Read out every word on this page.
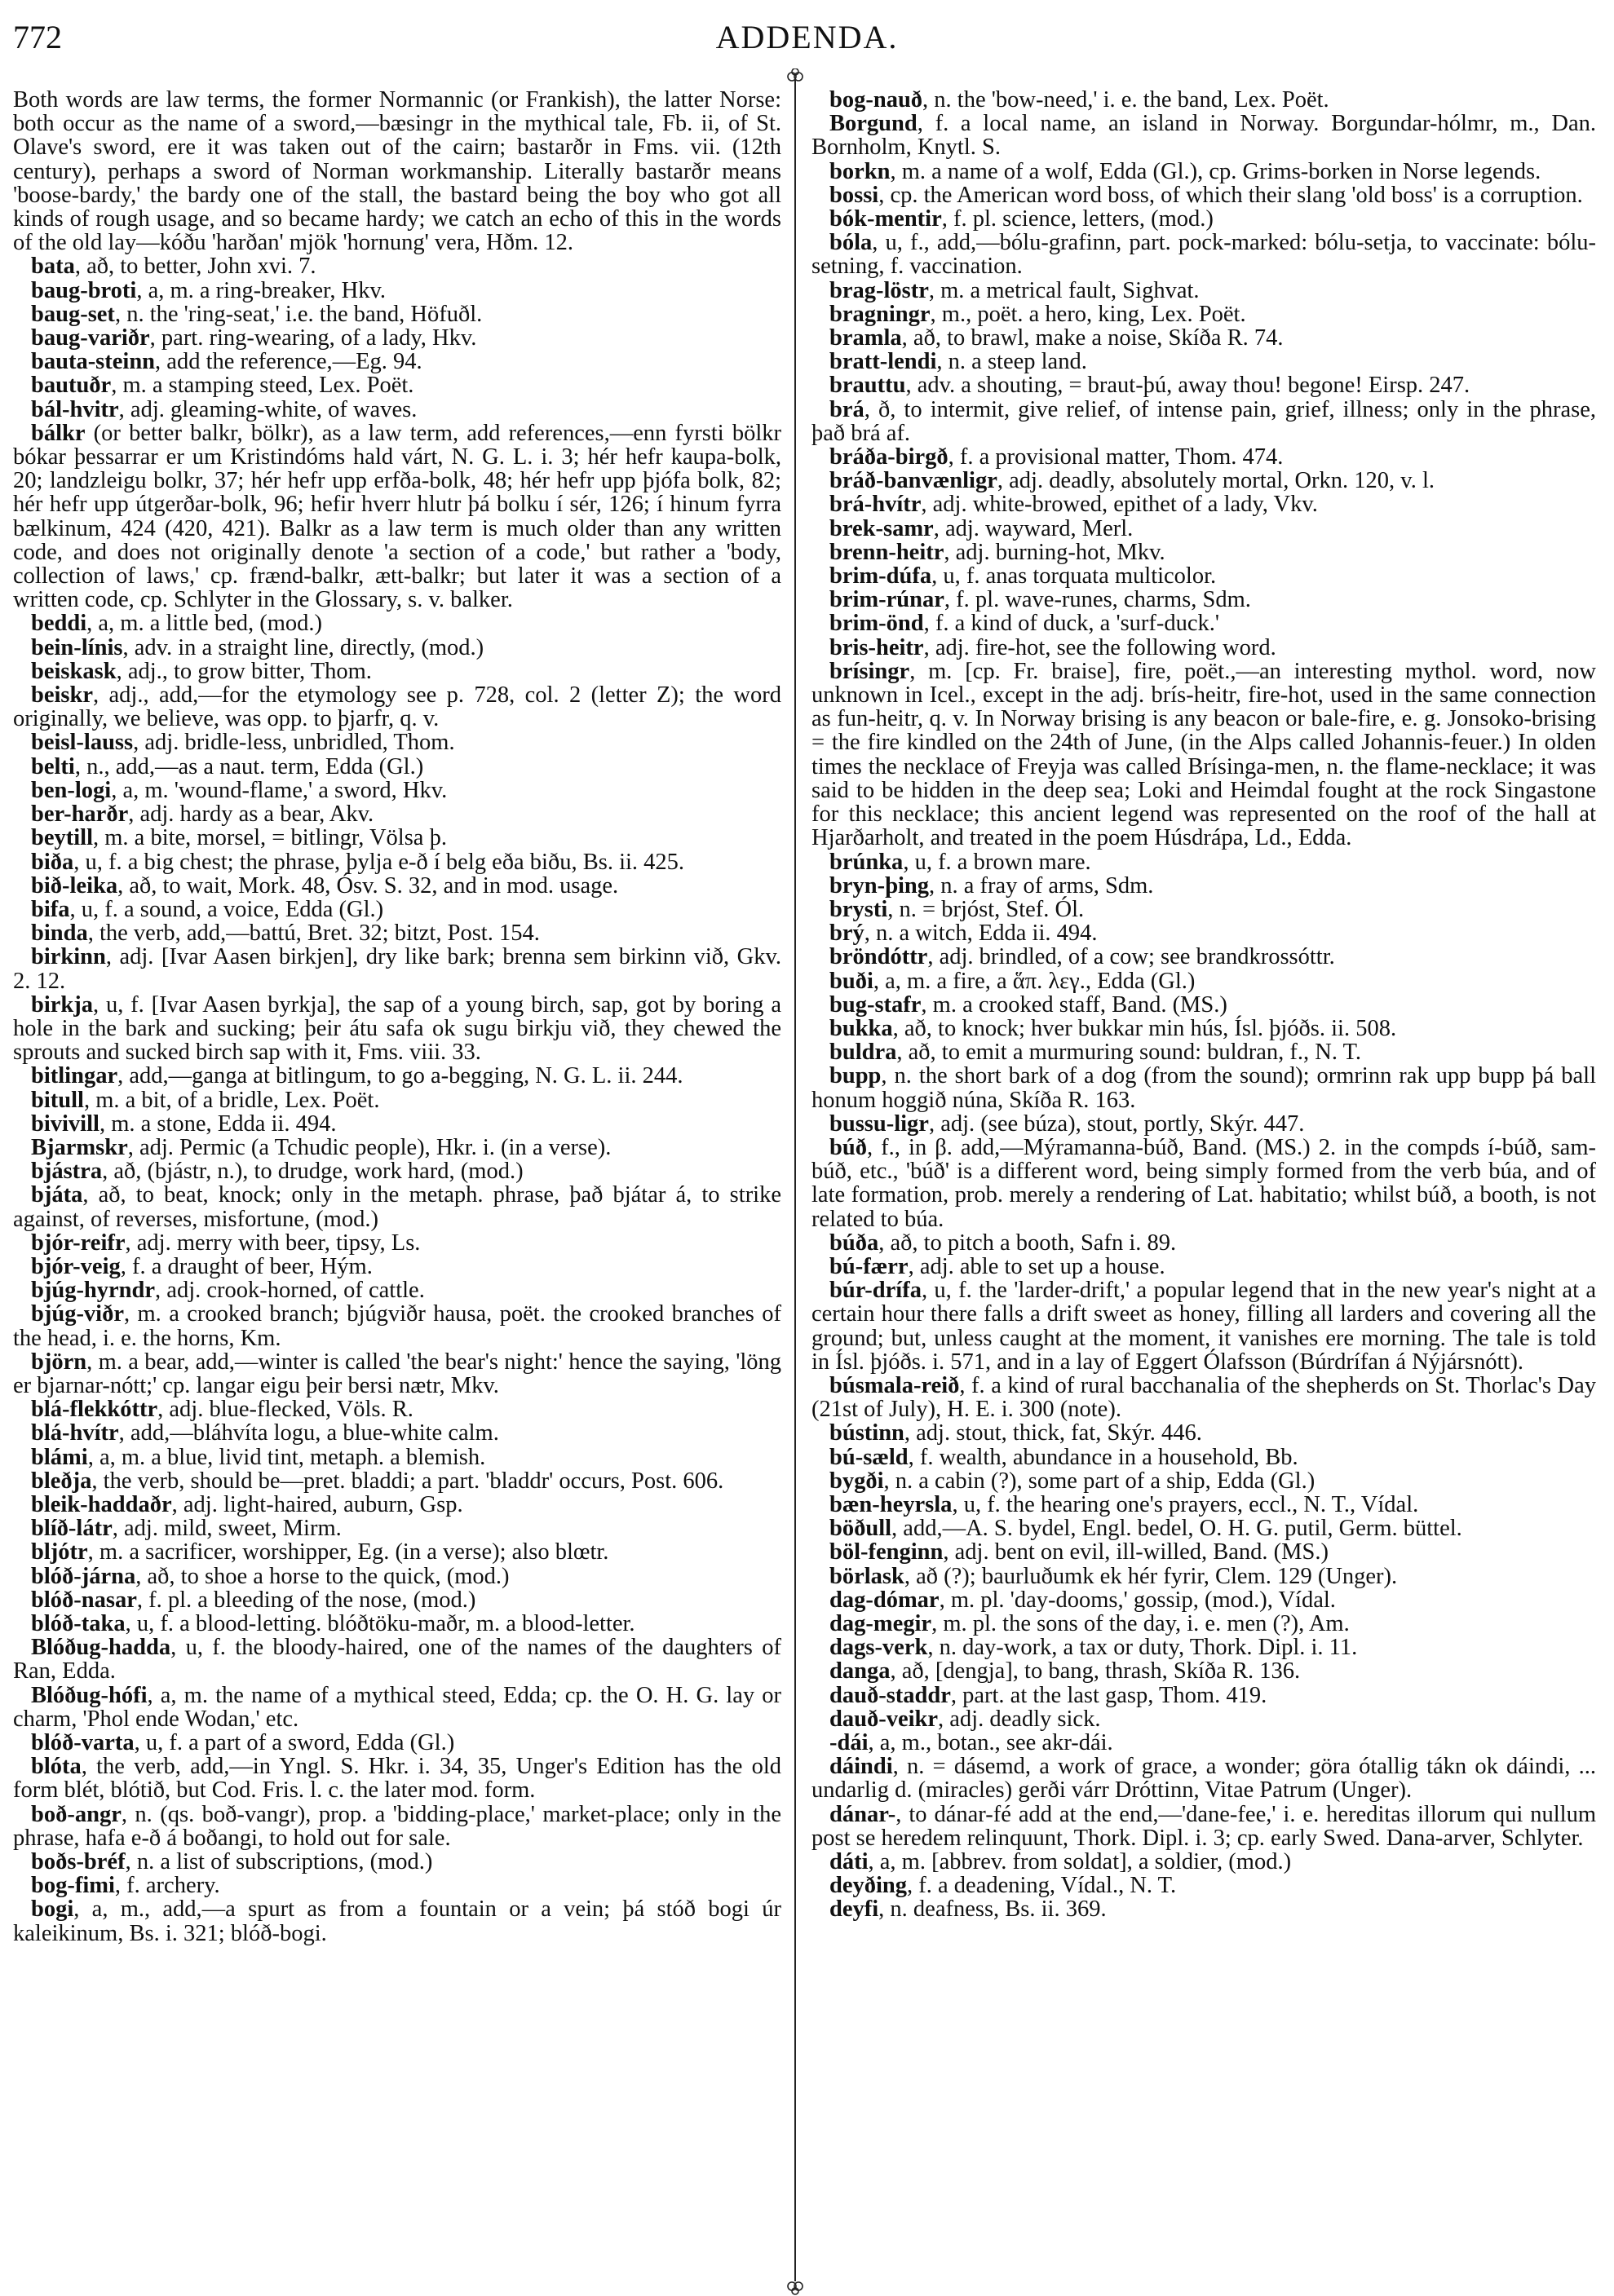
772	ADDENDA.

Both words are law terms, the former Normannic (or Frankish), the latter Norse: both occur as the name of a sword,—bæsingr in the mythical tale, Fb. ii, of St. Olave's sword, ere it was taken out of the cairn; bastarðr in Fms. vii. (12th century), perhaps a sword of Norman workmanship. Literally bastarðr means 'boose-bardy,' the bardy one of the stall, the bastard being the boy who got all kinds of rough usage, and so became hardy; we catch an echo of this in the words of the old lay—kóðu 'harðan' mjök 'hornung' vera, Hðm. 12.

bata, að, to better, John xvi. 7.

baug-broti, a, m. a ring-breaker, Hkv.

baug-set, n. the 'ring-seat,' i.e. the band, Höfuðl.

baug-variðr, part. ring-wearing, of a lady, Hkv.

bauta-steinn, add the reference,—Eg. 94.

bautuðr, m. a stamping steed, Lex. Poët.

bál-hvitr, adj. gleaming-white, of waves.

bálkr (or better balkr, bölkr), as a law term, add references,—enn fyrsti bölkr bókar þessarrar er um Kristindóms hald várt, N. G. L. i. 3; hér hefr kaupa-bolk, 20; landzleigu bolkr, 37; hér hefr upp erfða-bolk, 48; hér hefr upp þjófa bolk, 82; hér hefr upp útgerðar-bolk, 96; hefir hverr hlutr þá bolku í sér, 126; í hinum fyrra bælkinum, 424 (420, 421). Balkr as a law term is much older than any written code, and does not originally denote 'a section of a code,' but rather a 'body, collection of laws,' cp. frænd-balkr, ætt-balkr; but later it was a section of a written code, cp. Schlyter in the Glossary, s. v. balker.

beddi, a, m. a little bed, (mod.)

bein-línis, adv. in a straight line, directly, (mod.)

beiskask, adj., to grow bitter, Thom.

beiskr, adj., add,—for the etymology see p. 728, col. 2 (letter Z); the word originally, we believe, was opp. to þjarfr, q. v.

beisl-lauss, adj. bridle-less, unbridled, Thom.

belti, n., add,—as a naut. term, Edda (Gl.)

ben-logi, a, m. 'wound-flame,' a sword, Hkv.

ber-harðr, adj. hardy as a bear, Akv.

beytill, m. a bite, morsel, = bitlingr, Völsa þ.

biða, u, f. a big chest; the phrase, þylja e-ð í belg eða biðu, Bs. ii. 425.

bið-leika, að, to wait, Mork. 48, Ósv. S. 32, and in mod. usage.

bifa, u, f. a sound, a voice, Edda (Gl.)

binda, the verb, add,—battú, Bret. 32; bitzt, Post. 154.

birkinn, adj. [Ivar Aasen birkjen], dry like bark; brenna sem birkinn við, Gkv. 2. 12.

birkja, u, f. [Ivar Aasen byrkja], the sap of a young birch, sap, got by boring a hole in the bark and sucking; þeir átu safa ok sugu birkju við, they chewed the sprouts and sucked birch sap with it, Fms. viii. 33.

bitlingar, add,—ganga at bitlingum, to go a-begging, N. G. L. ii. 244.

bitull, m. a bit, of a bridle, Lex. Poët.

bivivill, m. a stone, Edda ii. 494.

Bjarmskr, adj. Permic (a Tchudic people), Hkr. i. (in a verse).

bjástra, að, (bjástr, n.), to drudge, work hard, (mod.)

bjáta, að, to beat, knock; only in the metaph. phrase, það bjátar á, to strike against, of reverses, misfortune, (mod.)

bjór-reifr, adj. merry with beer, tipsy, Ls.

bjór-veig, f. a draught of beer, Hým.

bjúg-hyrndr, adj. crook-horned, of cattle.

bjúg-viðr, m. a crooked branch; bjúgviðr hausa, poët. the crooked branches of the head, i. e. the horns, Km.

björn, m. a bear, add,—winter is called 'the bear's night:' hence the saying, 'löng er bjarnar-nótt;' cp. langar eigu þeir bersi nætr, Mkv.

blá-flekkóttr, adj. blue-flecked, Völs. R.

blá-hvítr, add,—bláhvíta logu, a blue-white calm.

blámi, a, m. a blue, livid tint, metaph. a blemish.

bleðja, the verb, should be—pret. bladdi; a part. 'bladdr' occurs, Post. 606.

bleik-haddaðr, adj. light-haired, auburn, Gsp.

blíð-látr, adj. mild, sweet, Mirm.

bljótr, m. a sacrificer, worshipper, Eg. (in a verse); also blœtr.

blóð-járna, að, to shoe a horse to the quick, (mod.)

blóð-nasar, f. pl. a bleeding of the nose, (mod.)

blóð-taka, u, f. a blood-letting. blóðtöku-maðr, m. a blood-letter.

Blóðug-hadda, u, f. the bloody-haired, one of the names of the daughters of Ran, Edda.

Blóðug-hófi, a, m. the name of a mythical steed, Edda; cp. the O. H. G. lay or charm, 'Phol ende Wodan,' etc.

blóð-varta, u, f. a part of a sword, Edda (Gl.)

blóta, the verb, add,—in Yngl. S. Hkr. i. 34, 35, Unger's Edition has the old form blét, blótið, but Cod. Fris. l. c. the later mod. form.

boð-angr, n. (qs. boð-vangr), prop. a 'bidding-place,' market-place; only in the phrase, hafa e-ð á boðangi, to hold out for sale.

boðs-bréf, n. a list of subscriptions, (mod.)

bog-fimi, f. archery.

bogi, a, m., add,—a spurt as from a fountain or a vein; þá stóð bogi úr kaleikinum, Bs. i. 321; blóð-bogi.

bog-nauð, n. the 'bow-need,' i. e. the band, Lex. Poët.

Borgund, f. a local name, an island in Norway. Borgundar-hólmr, m., Dan. Bornholm, Knytl. S.

borkn, m. a name of a wolf, Edda (Gl.), cp. Grims-borken in Norse legends.

bossi, cp. the American word boss, of which their slang 'old boss' is a corruption.

bók-mentir, f. pl. science, letters, (mod.)

bóla, u, f., add,—bólu-grafinn, part. pock-marked: bólu-setja, to vaccinate: bólu-setning, f. vaccination.

brag-löstr, m. a metrical fault, Sighvat.

bragningr, m., poët. a hero, king, Lex. Poët.

bramla, að, to brawl, make a noise, Skíða R. 74.

bratt-lendi, n. a steep land.

brauttu, adv. a shouting, = braut-þú, away thou! begone! Eirsp. 247.

brá, ð, to intermit, give relief, of intense pain, grief, illness; only in the phrase, það brá af.

bráða-birgð, f. a provisional matter, Thom. 474.

bráð-banvænligr, adj. deadly, absolutely mortal, Orkn. 120, v. l.

brá-hvítr, adj. white-browed, epithet of a lady, Vkv.

brek-samr, adj. wayward, Merl.

brenn-heitr, adj. burning-hot, Mkv.

brim-dúfa, u, f. anas torquata multicolor.

brim-rúnar, f. pl. wave-runes, charms, Sdm.

brim-önd, f. a kind of duck, a 'surf-duck.'

bris-heitr, adj. fire-hot, see the following word.

brísingr, m. [cp. Fr. braise], fire, poët.,—an interesting mythol. word, now unknown in Icel., except in the adj. brís-heitr, fire-hot, used in the same connection as fun-heitr, q. v. In Norway brising is any beacon or bale-fire, e. g. Jonsoko-brising = the fire kindled on the 24th of June, (in the Alps called Johannis-feuer.) In olden times the necklace of Freyja was called Brísinga-men, n. the flame-necklace; it was said to be hidden in the deep sea; Loki and Heimdal fought at the rock Singastone for this necklace; this ancient legend was represented on the roof of the hall at Hjarðarholt, and treated in the poem Húsdrápa, Ld., Edda.

brúnka, u, f. a brown mare.

bryn-þing, n. a fray of arms, Sdm.

brysti, n. = brjóst, Stef. Ól.

brý, n. a witch, Edda ii. 494.

bröndóttr, adj. brindled, of a cow; see brandkrossóttr.

buði, a, m. a fire, a ἅπ. λεγ., Edda (Gl.)

bug-stafr, m. a crooked staff, Band. (MS.)

bukka, að, to knock; hver bukkar min hús, Ísl. þjóðs. ii. 508.

buldra, að, to emit a murmuring sound: buldran, f., N. T.

bupp, n. the short bark of a dog (from the sound); ormrinn rak upp bupp þá ball honum hoggið núna, Skíða R. 163.

bussu-ligr, adj. (see búza), stout, portly, Skýr. 447.

búð, f., in β. add,—Mýramanna-búð, Band. (MS.) 2. in the compds í-búð, sam-búð, etc., 'búð' is a different word, being simply formed from the verb búa, and of late formation, prob. merely a rendering of Lat. habitatio; whilst búð, a booth, is not related to búa.

búða, að, to pitch a booth, Safn i. 89.

bú-færr, adj. able to set up a house.

búr-drífa, u, f. the 'larder-drift,' a popular legend that in the new year's night at a certain hour there falls a drift sweet as honey, filling all larders and covering all the ground; but, unless caught at the moment, it vanishes ere morning. The tale is told in Ísl. þjóðs. i. 571, and in a lay of Eggert Ólafsson (Búrdrífan á Nýjársnótt).

búsmala-reið, f. a kind of rural bacchanalia of the shepherds on St. Thorlac's Day (21st of July), H. E. i. 300 (note).

bústinn, adj. stout, thick, fat, Skýr. 446.

bú-sæld, f. wealth, abundance in a household, Bb.

bygði, n. a cabin (?), some part of a ship, Edda (Gl.)

bæn-heyrsla, u, f. the hearing one's prayers, eccl., N. T., Vídal.

böðull, add,—A. S. bydel, Engl. bedel, O. H. G. putil, Germ. büttel.

böl-fenginn, adj. bent on evil, ill-willed, Band. (MS.)

börlask, að (?); baurluðumk ek hér fyrir, Clem. 129 (Unger).

dag-dómar, m. pl. 'day-dooms,' gossip, (mod.), Vídal.

dag-megir, m. pl. the sons of the day, i. e. men (?), Am.

dags-verk, n. day-work, a tax or duty, Thork. Dipl. i. 11.

danga, að, [dengja], to bang, thrash, Skíða R. 136.

dauð-staddr, part. at the last gasp, Thom. 419.

dauð-veikr, adj. deadly sick.

-dái, a, m., botan., see akr-dái.

dáindi, n. = dásemd, a work of grace, a wonder; göra ótallig tákn ok dáindi, ... undarlig d. (miracles) gerði várr Dróttinn, Vitae Patrum (Unger).

dánar-, to dánar-fé add at the end,—'dane-fee,' i. e. hereditas illorum qui nullum post se heredem relinquunt, Thork. Dipl. i. 3; cp. early Swed. Dana-arver, Schlyter.

dáti, a, m. [abbrev. from soldat], a soldier, (mod.)

deyðing, f. a deadening, Vídal., N. T.

deyfi, n. deafness, Bs. ii. 369.
